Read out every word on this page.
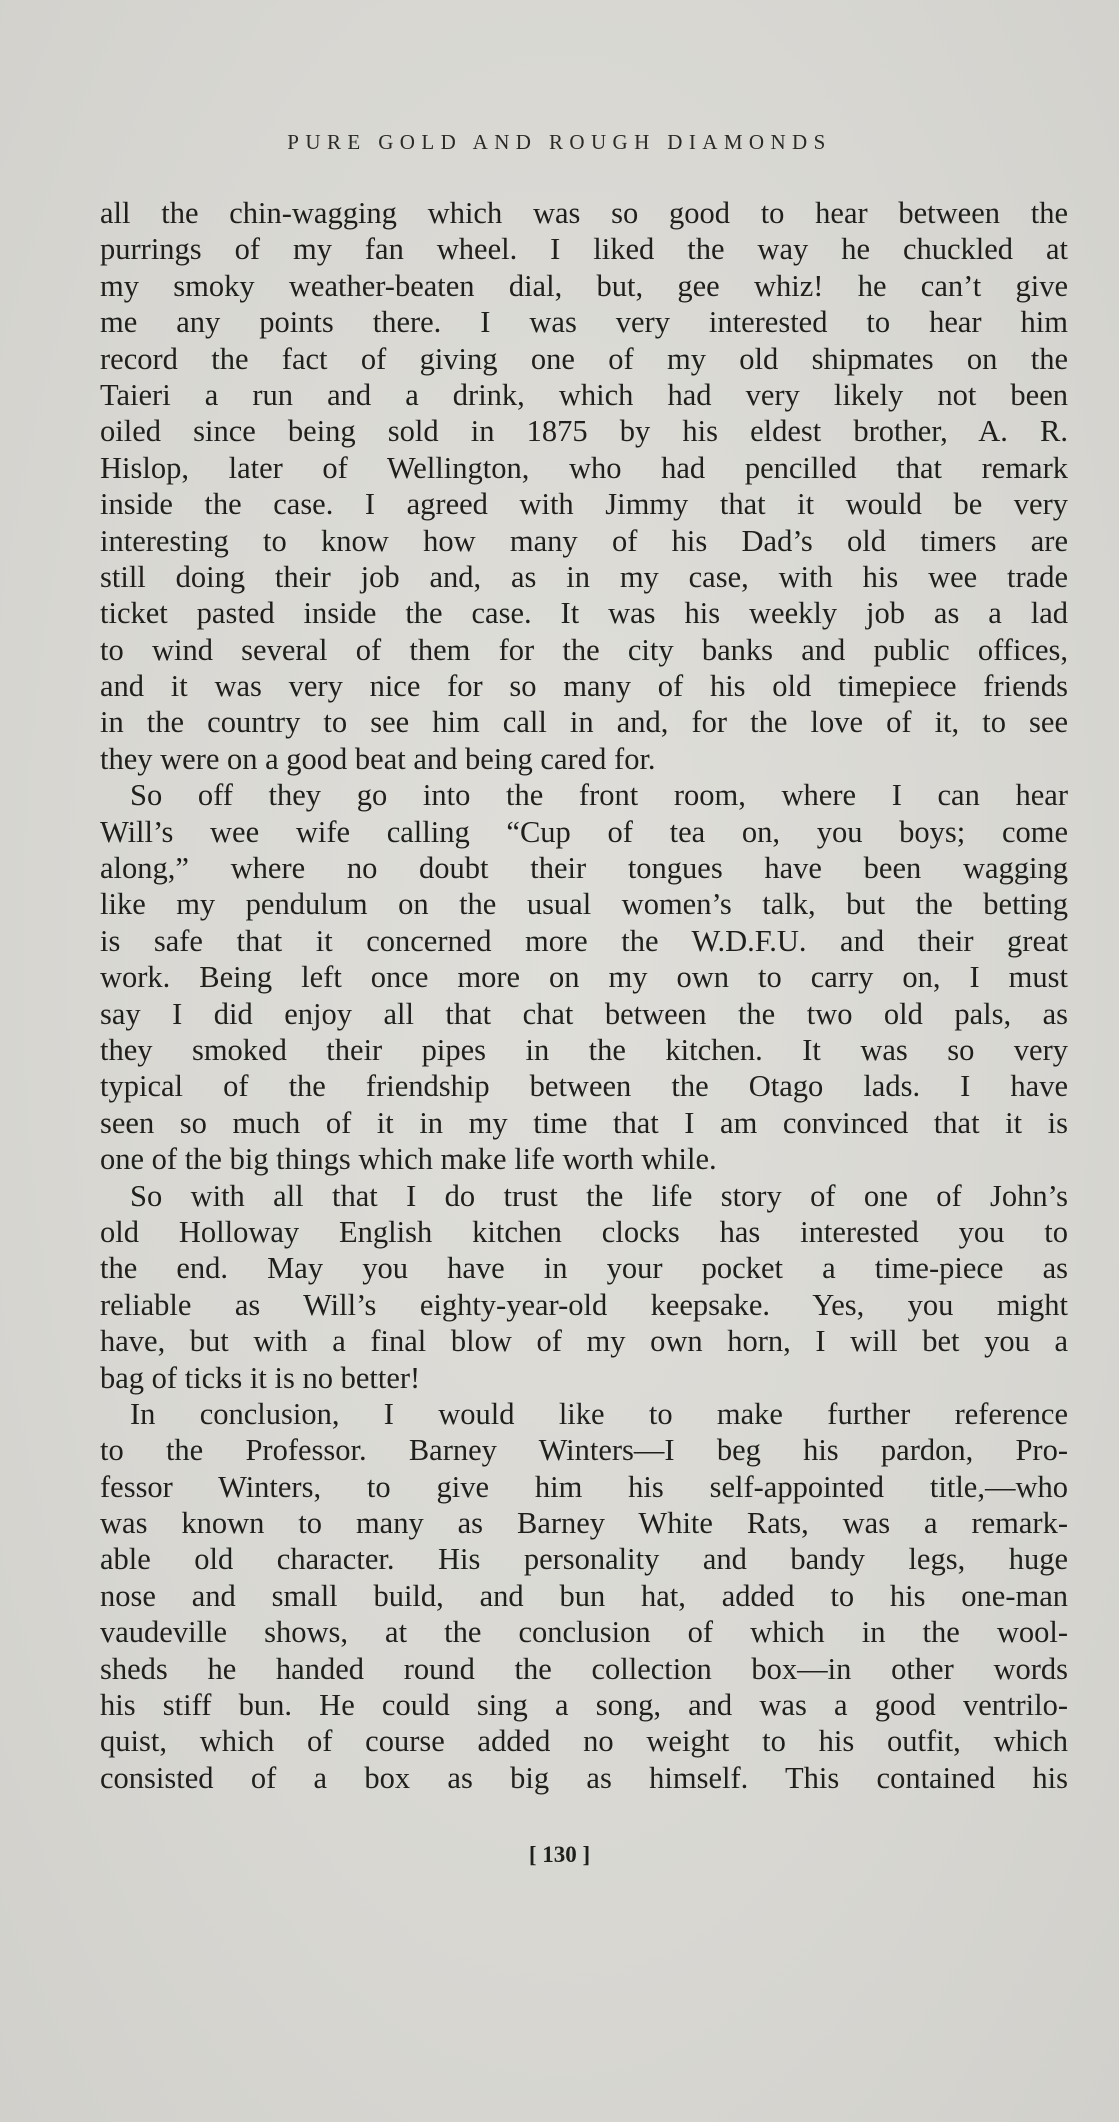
PURE GOLD AND ROUGH DIAMONDS
all the chin-wagging which was so good to hear between the
purrings of my fan wheel. I liked the way he chuckled at
my smoky weather-beaten dial, but, gee whiz! he can’t give
me any points there. I was very interested to hear him
record the fact of giving one of my old shipmates on the
Taieri a run and a drink, which had very likely not been
oiled since being sold in 1875 by his eldest brother, A. R.
Hislop, later of Wellington, who had pencilled that remark
inside the case. I agreed with Jimmy that it would be very
interesting to know how many of his Dad’s old timers are
still doing their job and, as in my case, with his wee trade
ticket pasted inside the case. It was his weekly job as a lad
to wind several of them for the city banks and public offices,
and it was very nice for so many of his old timepiece friends
in the country to see him call in and, for the love of it, to see
they were on a good beat and being cared for.
So off they go into the front room, where I can hear
Will’s wee wife calling “Cup of tea on, you boys; come
along,” where no doubt their tongues have been wagging
like my pendulum on the usual women’s talk, but the betting
is safe that it concerned more the W.D.F.U. and their great
work. Being left once more on my own to carry on, I must
say I did enjoy all that chat between the two old pals, as
they smoked their pipes in the kitchen. It was so very
typical of the friendship between the Otago lads. I have
seen so much of it in my time that I am convinced that it is
one of the big things which make life worth while.
So with all that I do trust the life story of one of John’s
old Holloway English kitchen clocks has interested you to
the end. May you have in your pocket a time-piece as
reliable as Will’s eighty-year-old keepsake. Yes, you might
have, but with a final blow of my own horn, I will bet you a
bag of ticks it is no better!
In conclusion, I would like to make further reference
to the Professor. Barney Winters—I beg his pardon, Pro-
fessor Winters, to give him his self-appointed title,—who
was known to many as Barney White Rats, was a remark-
able old character. His personality and bandy legs, huge
nose and small build, and bun hat, added to his one-man
vaudeville shows, at the conclusion of which in the wool-
sheds he handed round the collection box—in other words
his stiff bun. He could sing a song, and was a good ventrilo-
quist, which of course added no weight to his outfit, which
consisted of a box as big as himself. This contained his
[ 130 ]
